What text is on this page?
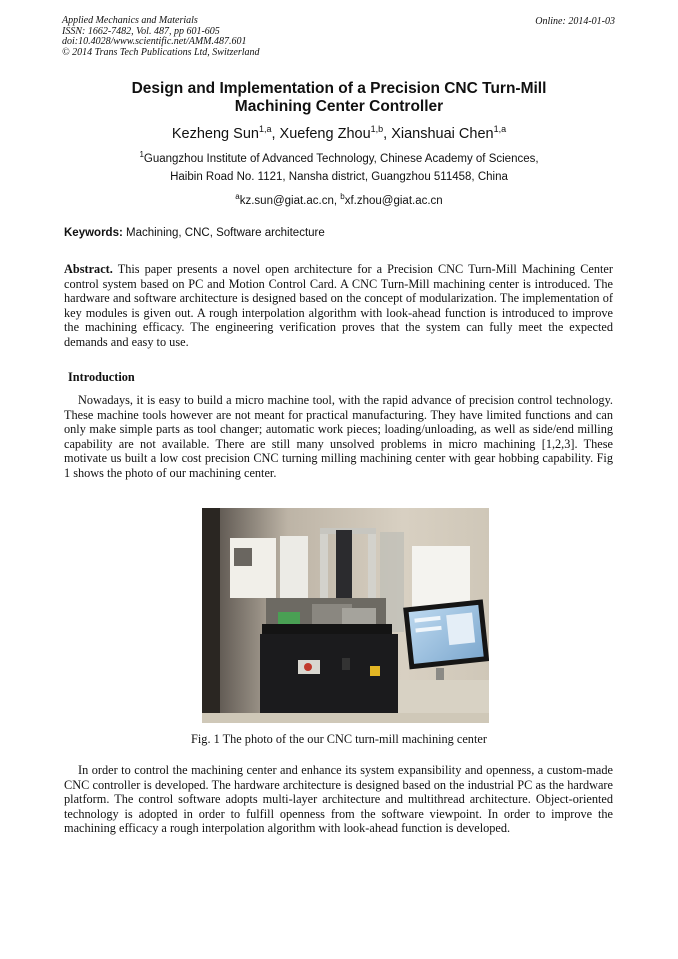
Applied Mechanics and Materials
ISSN: 1662-7482, Vol. 487, pp 601-605
doi:10.4028/www.scientific.net/AMM.487.601
© 2014 Trans Tech Publications Ltd, Switzerland
Online: 2014-01-03
Design and Implementation of a Precision CNC Turn-Mill
Machining Center Controller
Kezheng Sun$^{1,a}$, Xuefeng Zhou$^{1,b}$, Xianshuai Chen$^{1,a}$
$^1$Guangzhou Institute of Advanced Technology, Chinese Academy of Sciences,
Haibin Road No. 1121, Nansha district, Guangzhou 511458, China
$^a$kz.sun@giat.ac.cn, $^b$xf.zhou@giat.ac.cn
Keywords: Machining, CNC, Software architecture
Abstract. This paper presents a novel open architecture for a Precision CNC Turn-Mill Machining Center control system based on PC and Motion Control Card. A CNC Turn-Mill machining center is introduced. The hardware and software architecture is designed based on the concept of modularization. The implementation of key modules is given out. A rough interpolation algorithm with look-ahead function is introduced to improve the machining efficacy. The engineering verification proves that the system can fully meet the expected demands and easy to use.
Introduction
Nowadays, it is easy to build a micro machine tool, with the rapid advance of precision control technology. These machine tools however are not meant for practical manufacturing. They have limited functions and can only make simple parts as tool changer; automatic work pieces; loading/unloading, as well as side/end milling capability are not available. There are still many unsolved problems in micro machining [1,2,3]. These motivate us built a low cost precision CNC turning milling machining center with gear hobbing capability. Fig 1 shows the photo of our machining center.
Fig. 1 The photo of the our CNC turn-mill machining center
In order to control the machining center and enhance its system expansibility and openness, a custom-made CNC controller is developed. The hardware architecture is designed based on the industrial PC as the hardware platform. The control software adopts multi-layer architecture and multithread architecture. Object-oriented technology is adopted in order to fulfill openness from the software viewpoint. In order to improve the machining efficacy a rough interpolation algorithm with look-ahead function is developed.
